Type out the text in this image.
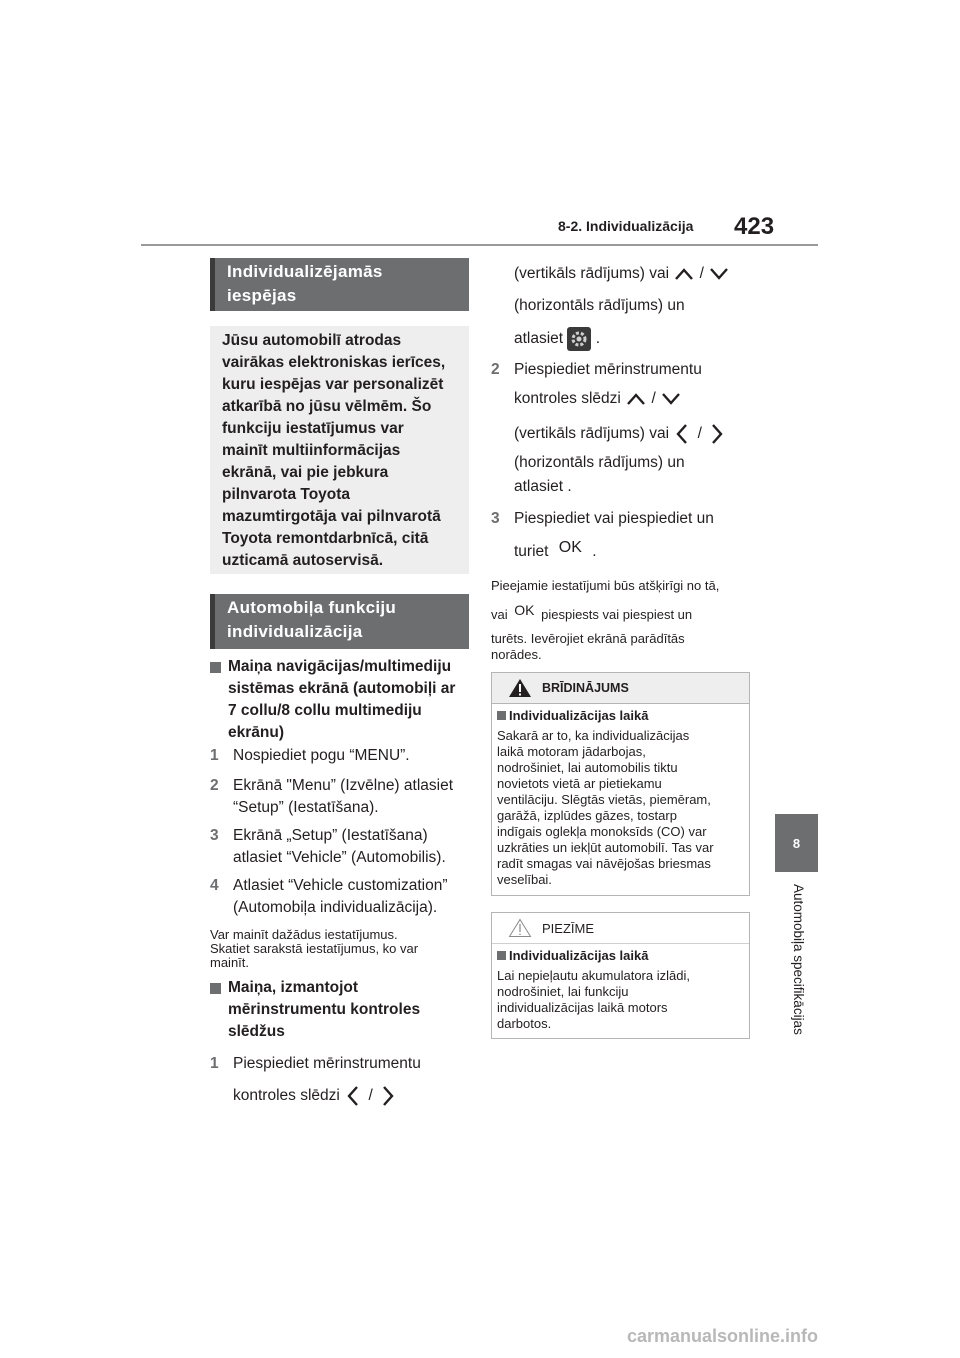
8-2. Individualizācija 423
8
Automobiļa specifikācijas
Individualizējamās
iespējas
Jūsu automobilī atrodas
vairākas elektroniskas ierīces,
kuru iespējas var personalizēt
atkarībā no jūsu vēlmēm. Šo
funkciju iestatījumus var
mainīt multiinformācijas
ekrānā, vai pie jebkura
pilnvarota Toyota
mazumtirgotāja vai pilnvarotā
Toyota remontdarbnīcā, citā
uzticamā autoservisā.
Automobiļa funkciju
individualizācija
Maiņa navigācijas/multimediju
sistēmas ekrānā (automobiļi ar
7 collu/8 collu multimediju
ekrānu)
1 Nospiediet pogu “MENU”.
2 Ekrānā "Menu” (Izvēlne) atlasiet
“Setup” (Iestatīšana).
3 Ekrānā „Setup” (Iestatīšana)
atlasiet “Vehicle” (Automobilis).
4 Atlasiet “Vehicle customization”
(Automobiļa individualizācija).
Var mainīt dažādus iestatījumus.
Skatiet sarakstā iestatījumus, ko var
mainīt.
Maiņa, izmantojot
mērinstrumentu kontroles
slēdžus
1 Piespiediet mērinstrumentu
kontroles slēdzi /
(vertikāls rādījums) vai /
(horizontāls rādījums) un
atlasiet .
2 Piespiediet mērinstrumentu
kontroles slēdzi /
(vertikāls rādījums) vai /
(horizontāls rādījums) un
atlasiet .
3 Piespiediet vai piespiediet un
turiet OK .
Pieejamie iestatījumi būs atšķirīgi no tā,
vai OK piespiests vai piespiest un
turēts. Ievērojiet ekrānā parādītās
norādes.
BRĪDINĀJUMS
Individualizācijas laikā
Sakarā ar to, ka individualizācijas
laikā motoram jādarbojas,
nodrošiniet, lai automobilis tiktu
novietots vietā ar pietiekamu
ventilāciju. Slēgtās vietās, piemēram,
garāžā, izplūdes gāzes, tostarp
indīgais oglekļa monoksīds (CO) var
uzkrāties un iekļūt automobilī. Tas var
radīt smagas vai nāvējošas briesmas
veselībai.
PIEZĪME
Individualizācijas laikā
Lai nepieļautu akumulatora izlādi,
nodrošiniet, lai funkciju
individualizācijas laikā motors
darbotos.
carmanualsonline.info
